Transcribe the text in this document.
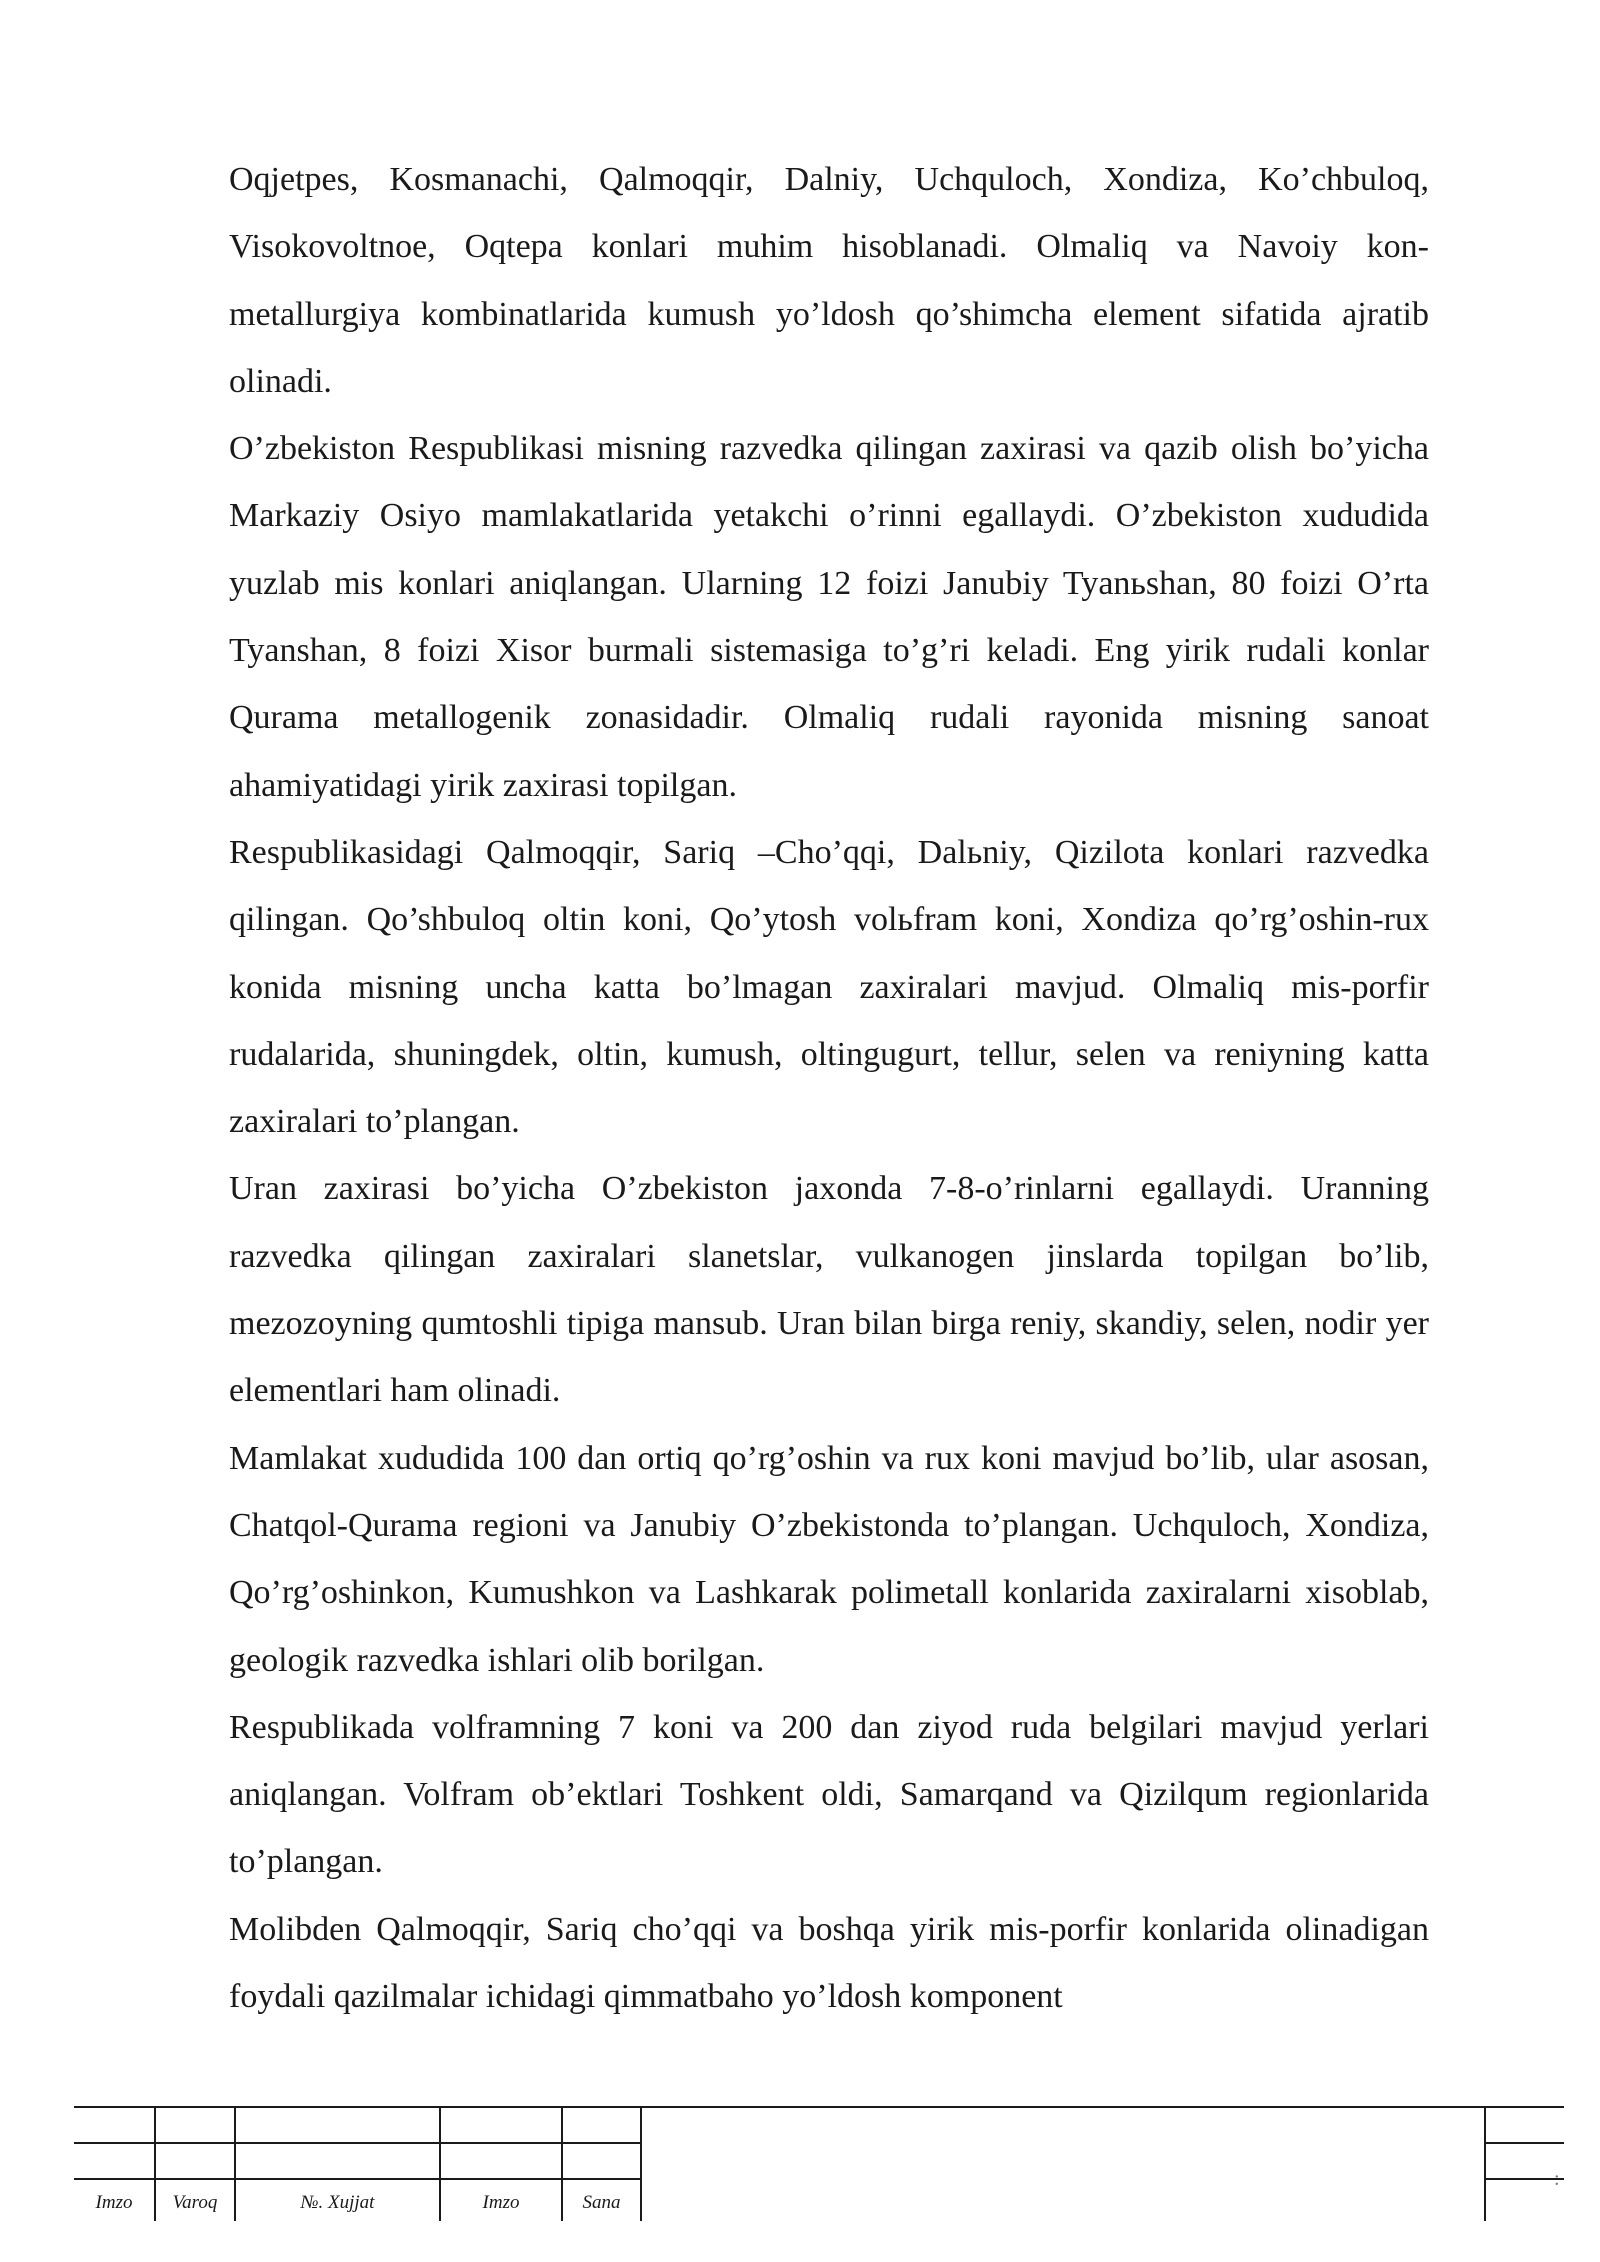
Oqjetpes, Kosmanachi, Qalmoqqir, Dalniy, Uchquloch, Xondiza, Ko’chbuloq, Visokovoltnoe, Oqtepa konlari muhim hisoblanadi. Olmaliq va Navoiy kon-metallurgiya kombinatlarida kumush yo’ldosh qo’shimcha element sifatida ajratib olinadi.

O’zbekiston Respublikasi misning razvedka qilingan zaxirasi va qazib olish bo’yicha Markaziy Osiyo mamlakatlarida yetakchi o’rinni egallaydi. O’zbekiston xududida yuzlab mis konlari aniqlangan. Ularning 12 foizi Janubiy Tyanьshan, 80 foizi O’rta Tyanshan, 8 foizi Xisor burmali sistemasiga to’g’ri keladi. Eng yirik rudali konlar Qurama metallogenik zonasidadir. Olmaliq rudali rayonida misning sanoat ahamiyatidagi yirik zaxirasi topilgan.

Respublikasidagi Qalmoqqir, Sariq –Cho’qqi, Dalьniy, Qizilota konlari razvedka qilingan. Qo’shbuloq oltin koni, Qo’ytosh volьfram koni, Xondiza qo’rg’oshin-rux konida misning uncha katta bo’lmagan zaxiralari mavjud. Olmaliq mis-porfir rudalarida, shuningdek, oltin, kumush, oltingugurt, tellur, selen va reniyning katta zaxiralari to’plangan.

Uran zaxirasi bo’yicha O’zbekiston jaxonda 7-8-o’rinlarni egallaydi. Uranning razvedka qilingan zaxiralari slanetslar, vulkanogen jinslarda topilgan bo’lib, mezozoyning qumtoshli tipiga mansub. Uran bilan birga reniy, skandiy, selen, nodir yer elementlari ham olinadi.

Mamlakat xududida 100 dan ortiq qo’rg’oshin va rux koni mavjud bo’lib, ular asosan, Chatqol-Qurama regioni va Janubiy O’zbekistonda to’plangan. Uchquloch, Xondiza, Qo’rg’oshinkon, Kumushkon va Lashkarak polimetall konlarida zaxiralarni xisoblab, geologik razvedka ishlari olib borilgan.

Respublikada volframning 7 koni va 200 dan ziyod ruda belgilari mavjud yerlari aniqlangan. Volfram ob’ektlari Toshkent oldi, Samarqand va Qizilqum regionlarida to’plangan.

Molibden Qalmoqqir, Sariq cho’qqi va boshqa yirik mis-porfir konlarida olinadigan foydali qazilmalar ichidagi qimmatbaho yo’ldosh komponent

Imzo	Varoq	№. Xujjat	Imzo	Sana
:
